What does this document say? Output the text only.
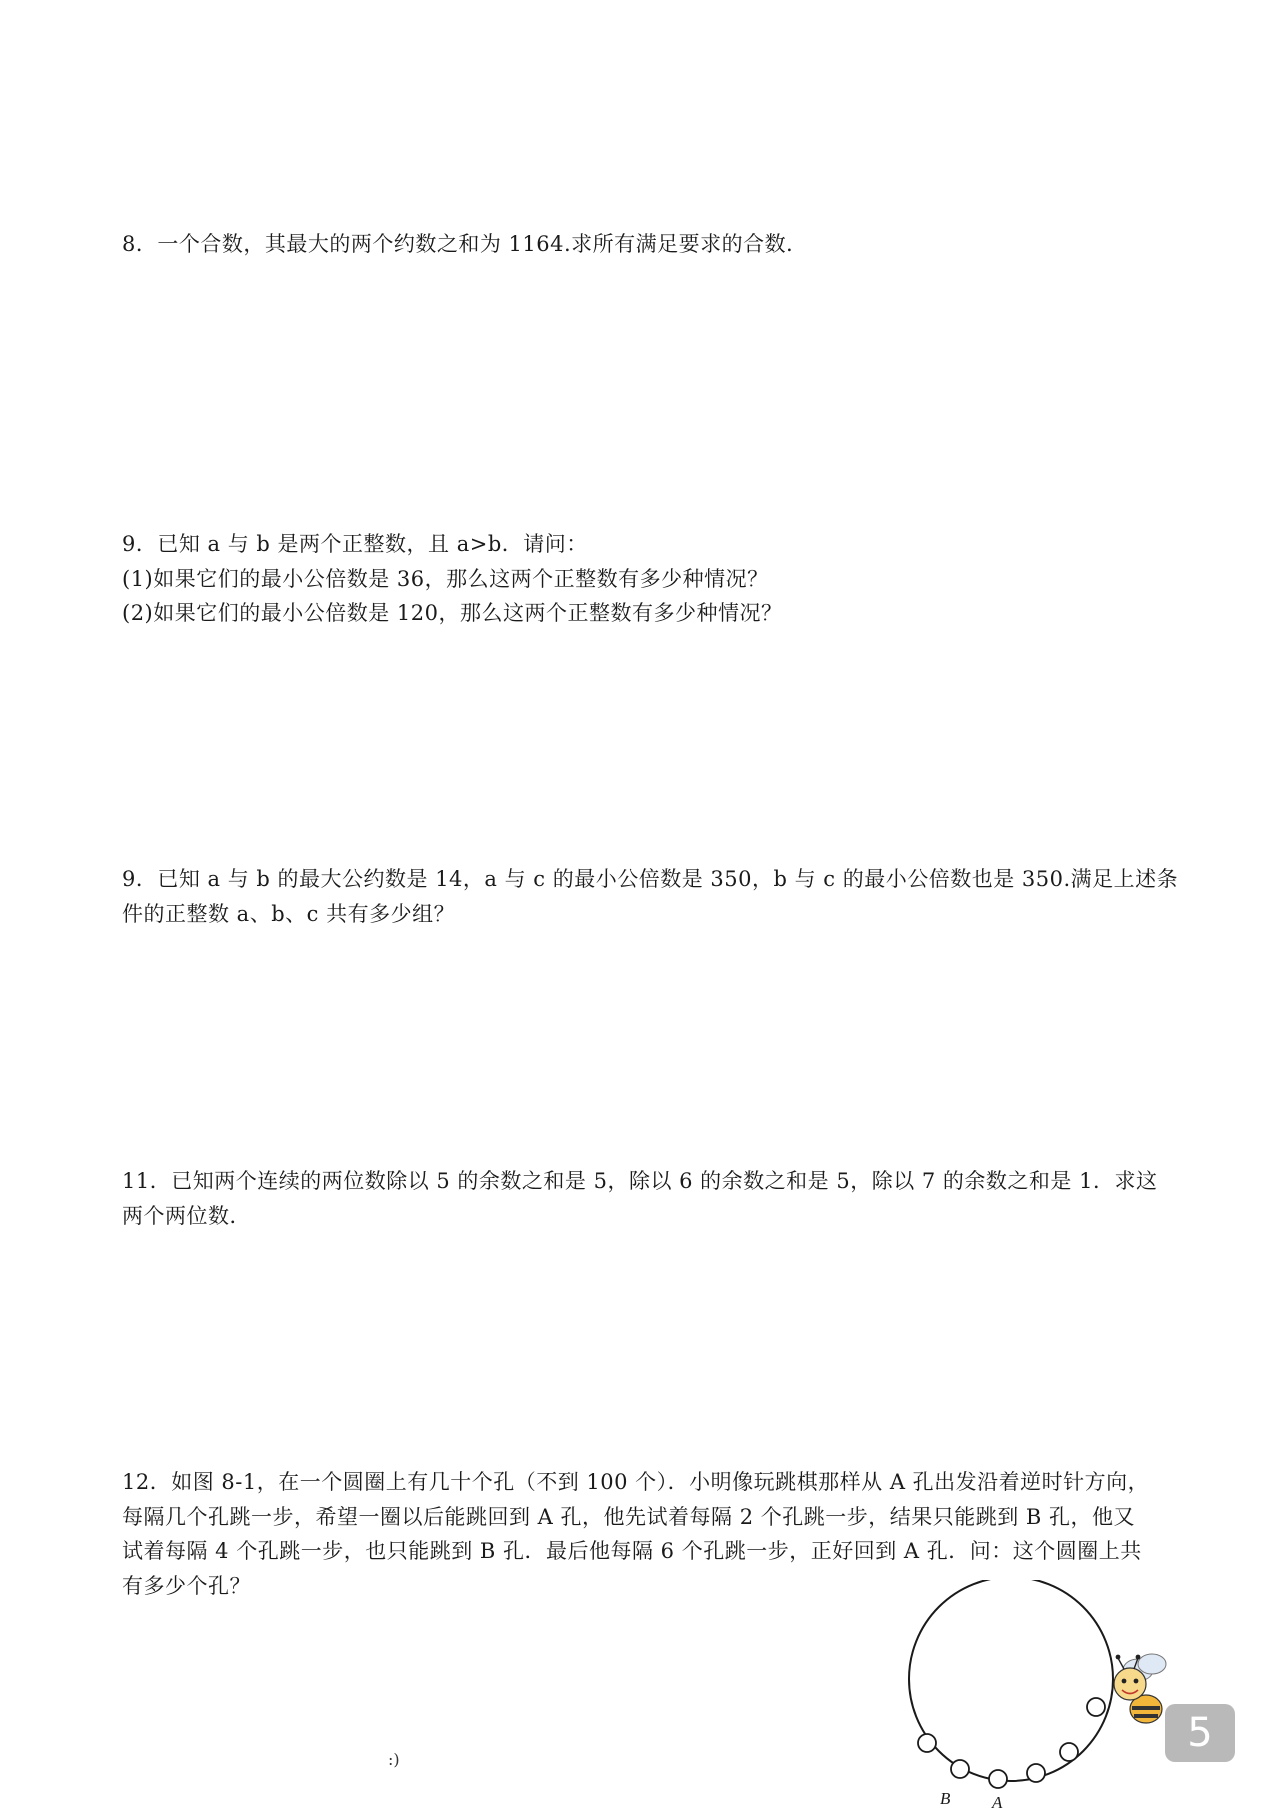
8．一个合数，其最大的两个约数之和为 1164.求所有满足要求的合数．
9．已知 a 与 b 是两个正整数，且 a>b．请问：
(1)如果它们的最小公倍数是 36，那么这两个正整数有多少种情况？
(2)如果它们的最小公倍数是 120，那么这两个正整数有多少种情况？
9．已知 a 与 b 的最大公约数是 14，a 与 c 的最小公倍数是 350，b 与 c 的最小公倍数也是 350.满足上述条
件的正整数 a、b、c 共有多少组？
11．已知两个连续的两位数除以 5 的余数之和是 5，除以 6 的余数之和是 5，除以 7 的余数之和是 1．求这
两个两位数．
12．如图 8-1，在一个圆圈上有几十个孔（不到 100 个）．小明像玩跳棋那样从 A 孔出发沿着逆时针方向，
每隔几个孔跳一步，希望一圈以后能跳回到 A 孔，他先试着每隔 2 个孔跳一步，结果只能跳到 B 孔，他又
试着每隔 4 个孔跳一步，也只能跳到 B 孔．最后他每隔 6 个孔跳一步，正好回到 A 孔．问：这个圆圈上共
有多少个孔？
B A
5
:)
